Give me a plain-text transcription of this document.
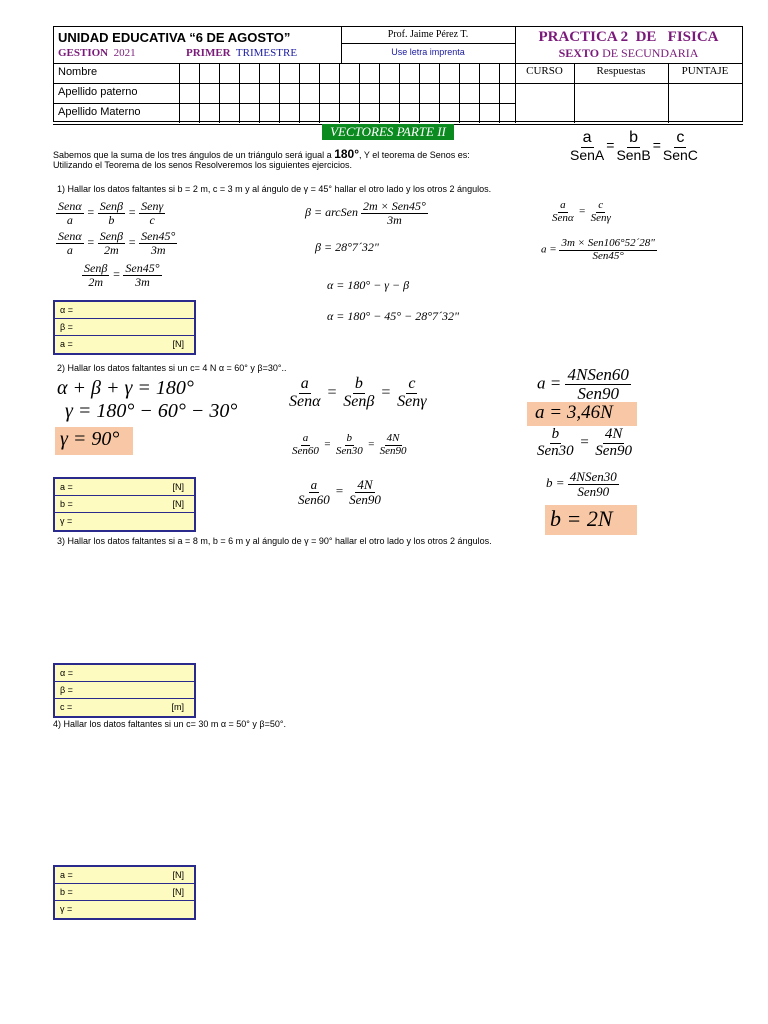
UNIDAD EDUCATIVA “6 DE AGOSTO”
GESTION 2021	PRIMER TRIMESTRE
Prof. Jaime Pérez T.
Use letra imprenta
PRACTICA 2  DE   FISICA
SEXTO DE SECUNDARIA
Nombre
Apellido paterno
Apellido Materno
CURSO	Respuestas	PUNTAJE
VECTORES PARTE II
Sabemos que la suma de los tres ángulos de un triángulo será igual a 180°, Y el teorema de Senos es:
Utilizando el Teorema de los senos Resolveremos los siguientes ejercicios.
$\frac{a}{\text{SenA}} = \frac{b}{\text{SenB}} = \frac{c}{\text{SenC}}$
1) Hallar los datos faltantes si b = 2 m, c = 3 m y al ángulo de γ = 45° hallar el otro lado y los otros 2 ángulos.
$\frac{\text{Senα}}{a} = \frac{\text{Senβ}}{b} = \frac{\text{Senγ}}{c}$
$\frac{\text{Senα}}{a} = \frac{\text{Senβ}}{2m} = \frac{\text{Sen45°}}{3m}$
$\frac{\text{Senβ}}{2m} = \frac{\text{Sen45°}}{3m}$
β = arcSen $\frac{\text{2m × Sen45°}}{3m}$
β = 28°7´32"
α = 180° − γ − β
α = 180° − 45° − 28°7´32"
$\frac{a}{\text{Senα}} = \frac{c}{\text{Senγ}}$
$a = \frac{\text{3m × Sen106°52´28"}}{\text{Sen45°}}$
α =
β =
a =	[N]
2) Hallar los datos faltantes si un c= 4 N α = 60° y β=30°..
α + β + γ = 180°
γ = 180° − 60° − 30°
γ = 90°
$\frac{a}{\text{Senα}} = \frac{b}{\text{Senβ}} = \frac{c}{\text{Senγ}}$
$\frac{a}{\text{Sen60}} = \frac{b}{\text{Sen30}} = \frac{4N}{\text{Sen90}}$
$\frac{a}{\text{Sen60}} = \frac{4N}{\text{Sen90}}$
$a = \frac{\text{4NSen60}}{\text{Sen90}}$
a = 3,46N
$\frac{b}{\text{Sen30}} = \frac{4N}{\text{Sen90}}$
$b = \frac{\text{4NSen30}}{\text{Sen90}}$
b = 2N
a =	[N]
b =	[N]
γ =
3) Hallar los datos faltantes si a = 8 m, b = 6 m y al ángulo de γ = 90° hallar el otro lado y los otros 2 ángulos.
α =
β =
c =	[m]
4) Hallar los datos faltantes si un c= 30 m α = 50° y β=50°.
a =	[N]
b =	[N]
γ =
